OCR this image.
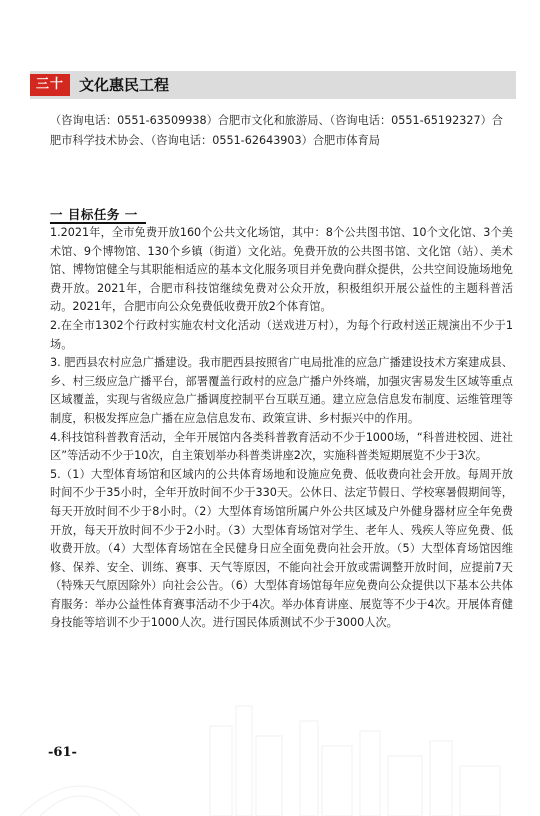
三十一
文化惠民工程
（咨询电话：0551-63509938）合肥市文化和旅游局、（咨询电话：0551-65192327）合肥市科学技术协会、（咨询电话：0551-62643903）合肥市体育局
一 目标任务 一

1.2021年，全市免费开放160个公共文化场馆，其中：8个公共图书馆、10个文化馆、3个美术馆、9个博物馆、130个乡镇（街道）文化站。免费开放的公共图书馆、文化馆（站）、美术馆、博物馆健全与其职能相适应的基本文化服务项目并免费向群众提供，公共空间设施场地免费开放。2021年，合肥市科技馆继续免费对公众开放，积极组织开展公益性的主题科普活动。2021年，合肥市向公众免费低收费开放2个体育馆。

2.在全市1302个行政村实施农村文化活动（送戏进万村），为每个行政村送正规演出不少于1场。

3. 肥西县农村应急广播建设。我市肥西县按照省广电局批准的应急广播建设技术方案建成县、乡、村三级应急广播平台，部署覆盖行政村的应急广播户外终端，加强灾害易发生区域等重点区域覆盖，实现与省级应急广播调度控制平台互联互通。建立应急信息发布制度、运维管理等制度，积极发挥应急广播在应急信息发布、政策宣讲、乡村振兴中的作用。

4.科技馆科普教育活动，全年开展馆内各类科普教育活动不少于1000场，“科普进校园、进社区”等活动不少于10次，自主策划举办科普类讲座2次，实施科普类短期展览不少于3次。

5.（1）大型体育场馆和区域内的公共体育场地和设施应免费、低收费向社会开放。每周开放时间不少于35小时，全年开放时间不少于330天。公休日、法定节假日、学校寒暑假期间等，每天开放时间不少于8小时。（2）大型体育场馆所属户外公共区域及户外健身器材应全年免费开放，每天开放时间不少于2小时。（3）大型体育场馆对学生、老年人、残疾人等应免费、低收费开放。（4）大型体育场馆在全民健身日应全面免费向社会开放。（5）大型体育场馆因维修、保养、安全、训练、赛事、天气等原因，不能向社会开放或需调整开放时间，应提前7天（特殊天气原因除外）向社会公告。（6）大型体育场馆每年应免费向公众提供以下基本公共体育服务：举办公益性体育赛事活动不少于4次。举办体育讲座、展览等不少于4次。开展体育健身技能等培训不少于1000人次。进行国民体质测试不少于3000人次。

-61-
